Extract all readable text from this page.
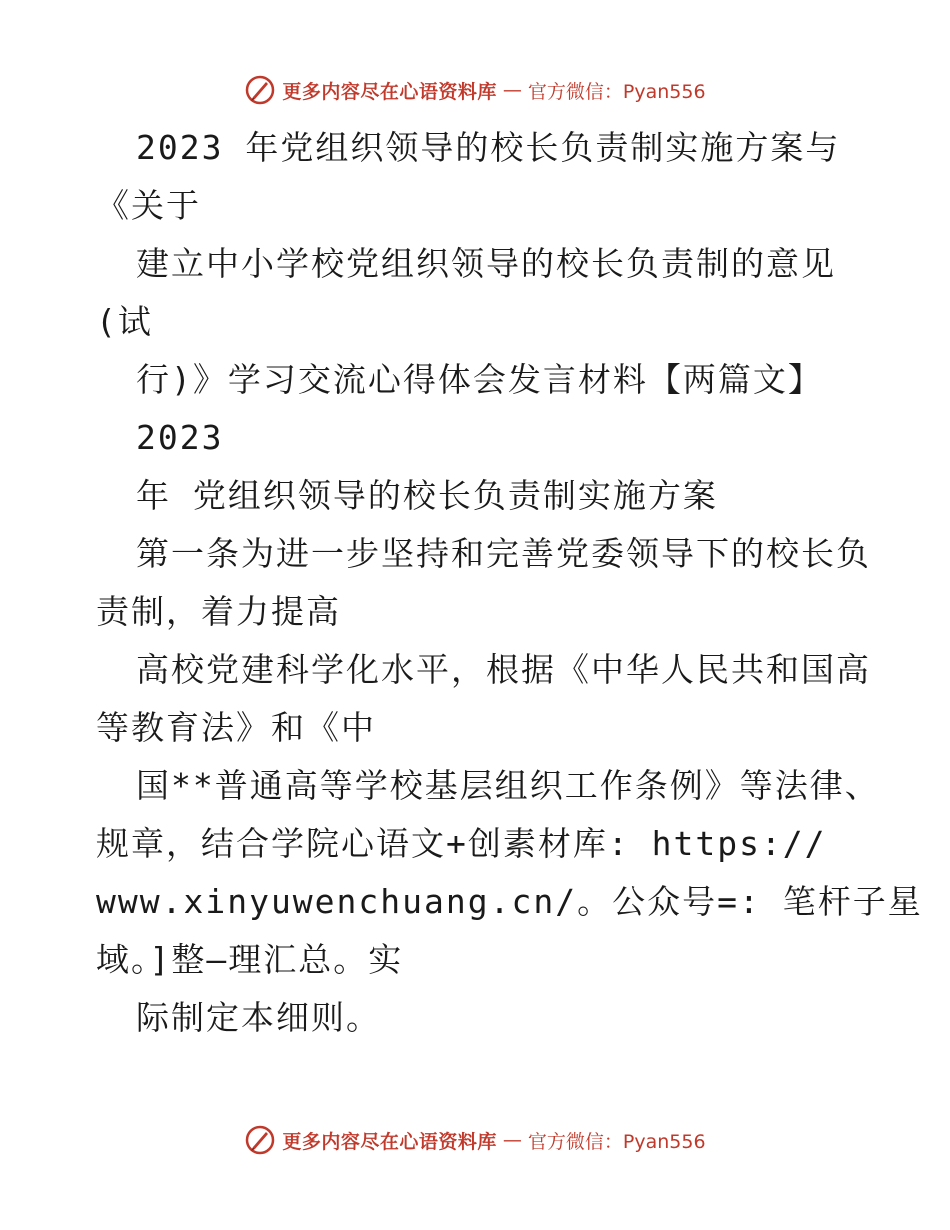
更多内容尽在心语资料库 — 官方微信：Pyan556
2023 年党组织领导的校长负责制实施方案与
《关于
建立中小学校党组织领导的校长负责制的意见
(试
行)》学习交流心得体会发言材料【两篇文】
2023
年 党组织领导的校长负责制实施方案
第一条为进一步坚持和完善党委领导下的校长负
责制，着力提高
高校党建科学化水平，根据《中华人民共和国高
等教育法》和《中
国**普通高等学校基层组织工作条例》等法律、
规章，结合学院心语文+创素材库: https://
www.xinyuwenchuang.cn/。公众号=: 笔杆子星
域。]整—理汇总。实
际制定本细则。
更多内容尽在心语资料库 — 官方微信：Pyan556
